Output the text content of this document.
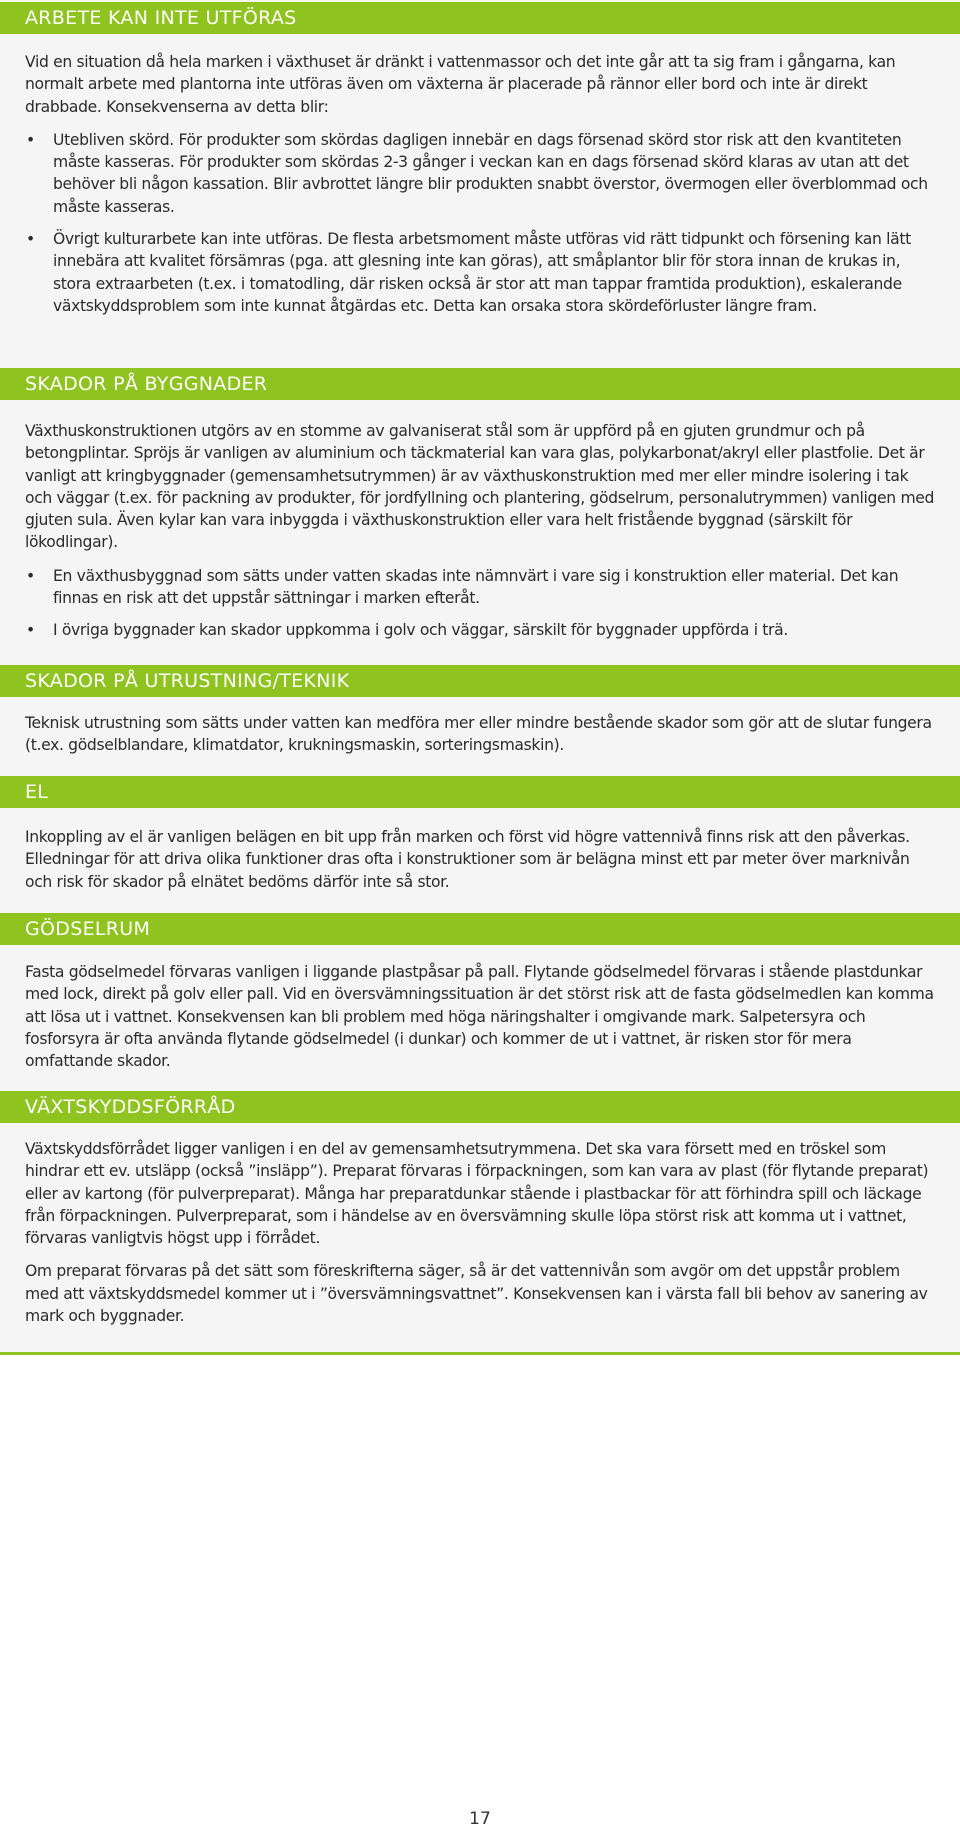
ARBETE KAN INTE UTFÖRAS

Vid en situation då hela marken i växthuset är dränkt i vattenmassor och det inte går att ta sig fram i gångarna, kan normalt arbete med plantorna inte utföras även om växterna är placerade på rännor eller bord och inte är direkt drabbade. Konsekvenserna av detta blir:

• Utebliven skörd. För produkter som skördas dagligen innebär en dags försenad skörd stor risk att den kvantiteten måste kasseras. För produkter som skördas 2-3 gånger i veckan kan en dags försenad skörd klaras av utan att det behöver bli någon kassation. Blir avbrottet längre blir produkten snabbt överstor, övermogen eller överblommad och måste kasseras.
• Övrigt kulturarbete kan inte utföras. De flesta arbetsmoment måste utföras vid rätt tidpunkt och försening kan lätt innebära att kvalitet försämras (pga. att glesning inte kan göras), att småplantor blir för stora innan de krukas in, stora extraarbeten (t.ex. i tomatodling, där risken också är stor att man tappar framtida produktion), eskalerande växtskyddsproblem som inte kunnat åtgärdas etc. Detta kan orsaka stora skördeförluster längre fram.
SKADOR PÅ BYGGNADER

Växthuskonstruktionen utgörs av en stomme av galvaniserat stål som är uppförd på en gjuten grundmur och på betongplintar. Spröjs är vanligen av aluminium och täckmaterial kan vara glas, polykarbonat/akryl eller plastfolie. Det är vanligt att kringbyggnader (gemensamhetsutrymmen) är av växthuskonstruktion med mer eller mindre isolering i tak och väggar (t.ex. för packning av produkter, för jordfyllning och plantering, gödselrum, personalutrymmen) vanligen med gjuten sula. Även kylar kan vara inbyggda i växthuskonstruktion eller vara helt fristående byggnad (särskilt för lökodlingar).

• En växthusbyggnad som sätts under vatten skadas inte nämnvärt i vare sig i konstruktion eller material. Det kan finnas en risk att det uppstår sättningar i marken efteråt.
• I övriga byggnader kan skador uppkomma i golv och väggar, särskilt för byggnader uppförda i trä.
SKADOR PÅ UTRUSTNING/TEKNIK

Teknisk utrustning som sätts under vatten kan medföra mer eller mindre bestående skador som gör att de slutar fungera (t.ex. gödselblandare, klimatdator, krukningsmaskin, sorteringsmaskin).

EL

Inkoppling av el är vanligen belägen en bit upp från marken och först vid högre vattennivå finns risk att den påverkas. Elledningar för att driva olika funktioner dras ofta i konstruktioner som är belägna minst ett par meter över marknivån och risk för skador på elnätet bedöms därför inte så stor.

GÖDSELRUM

Fasta gödselmedel förvaras vanligen i liggande plastpåsar på pall. Flytande gödselmedel förvaras i stående plastdunkar med lock, direkt på golv eller pall. Vid en översvämningssituation är det störst risk att de fasta gödselmedlen kan komma att lösa ut i vattnet. Konsekvensen kan bli problem med höga näringshalter i omgivande mark. Salpetersyra och fosforsyra är ofta använda flytande gödselmedel (i dunkar) och kommer de ut i vattnet, är risken stor för mera omfattande skador.

VÄXTSKYDDSFÖRRÅD

Växtskyddsförrådet ligger vanligen i en del av gemensamhetsutrymmena. Det ska vara försett med en tröskel som hindrar ett ev. utsläpp (också ”insläpp”). Preparat förvaras i förpackningen, som kan vara av plast (för flytande preparat) eller av kartong (för pulverpreparat). Många har preparatdunkar stående i plastbackar för att förhindra spill och läckage från förpackningen. Pulverpreparat, som i händelse av en översvämning skulle löpa störst risk att komma ut i vattnet, förvaras vanligtvis högst upp i förrådet.

Om preparat förvaras på det sätt som föreskrifterna säger, så är det vattennivån som avgör om det uppstår problem med att växtskyddsmedel kommer ut i ”översvämningsvattnet”. Konsekvensen kan i värsta fall bli behov av sanering av mark och byggnader.

17
